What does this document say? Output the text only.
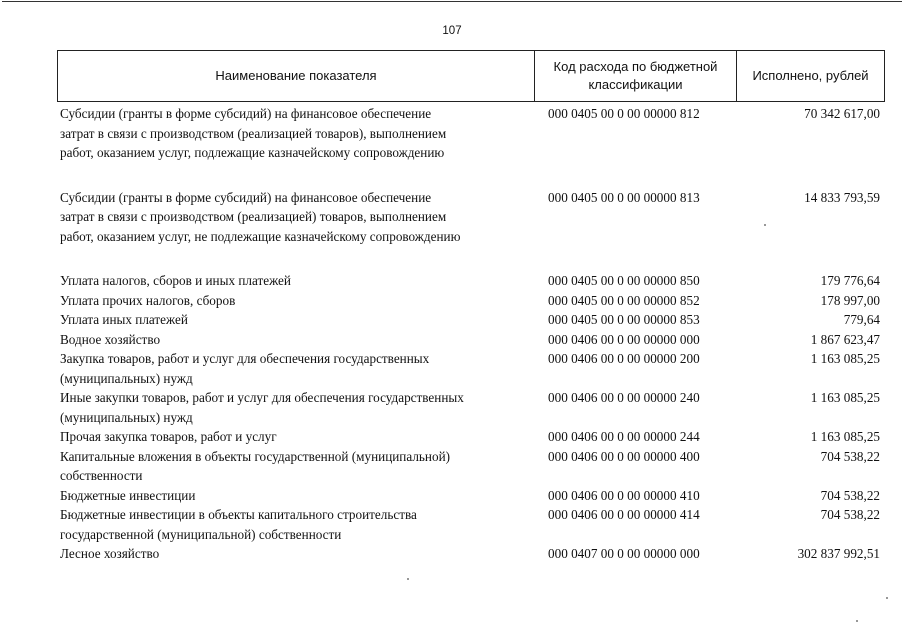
107
Наименование показателя
Код расхода по бюджетной классификации
Исполнено, рублей
Субсидии (гранты в форме субсидий) на финансовое обеспечение
затрат в связи с производством (реализацией товаров), выполнением
работ, оказанием услуг, подлежащие казначейскому сопровождению
000 0405 00 0 00 00000 812	70 342 617,00
Субсидии (гранты в форме субсидий) на финансовое обеспечение
затрат в связи с производством (реализацией) товаров, выполнением
работ, оказанием услуг, не подлежащие казначейскому сопровождению
000 0405 00 0 00 00000 813	14 833 793,59
Уплата налогов, сборов и иных платежей	000 0405 00 0 00 00000 850	179 776,64
Уплата прочих налогов, сборов	000 0405 00 0 00 00000 852	178 997,00
Уплата иных платежей	000 0405 00 0 00 00000 853	779,64
Водное хозяйство	000 0406 00 0 00 00000 000	1 867 623,47
Закупка товаров, работ и услуг для обеспечения государственных
(муниципальных) нужд
000 0406 00 0 00 00000 200	1 163 085,25
Иные закупки товаров, работ и услуг для обеспечения государственных
(муниципальных) нужд
000 0406 00 0 00 00000 240	1 163 085,25
Прочая закупка товаров, работ и услуг	000 0406 00 0 00 00000 244	1 163 085,25
Капитальные вложения в объекты государственной (муниципальной)
собственности
000 0406 00 0 00 00000 400	704 538,22
Бюджетные инвестиции	000 0406 00 0 00 00000 410	704 538,22
Бюджетные инвестиции в объекты капитального строительства
государственной (муниципальной) собственности
000 0406 00 0 00 00000 414	704 538,22
Лесное хозяйство	000 0407 00 0 00 00000 000	302 837 992,51
